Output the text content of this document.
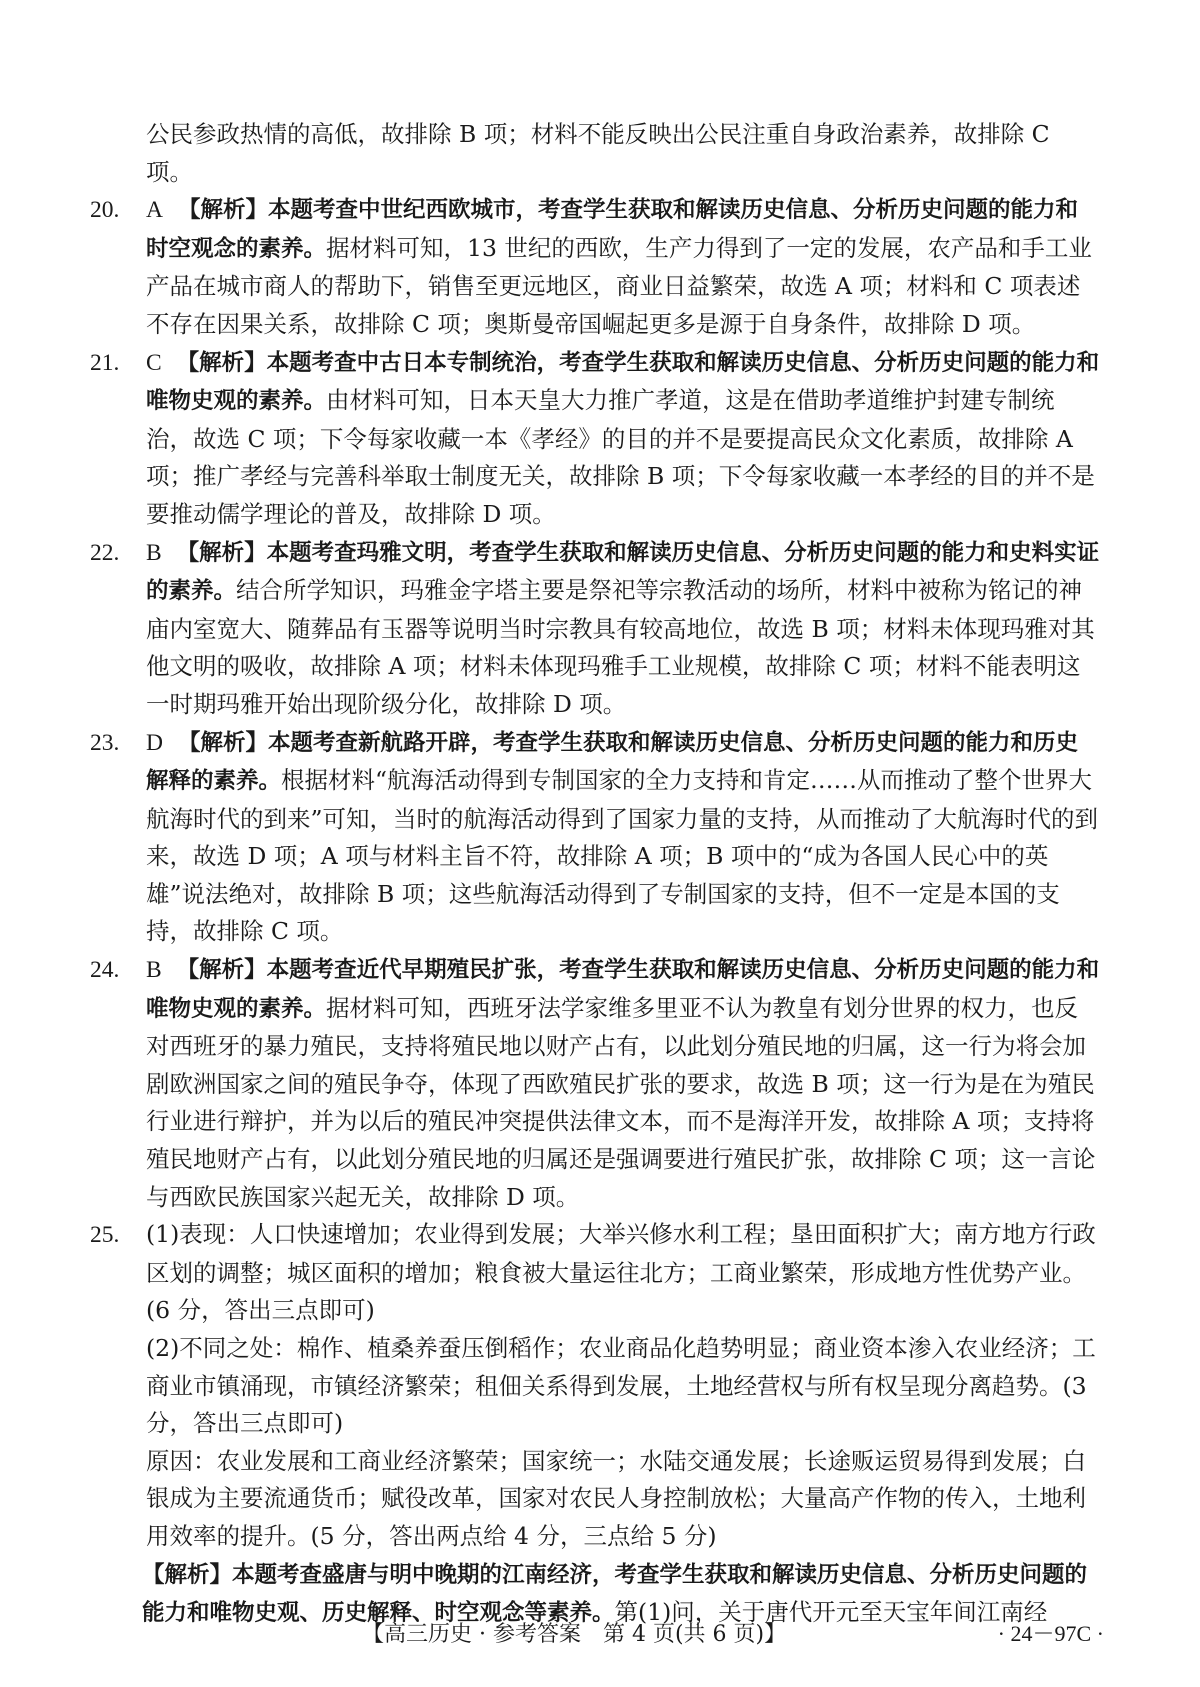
公民参政热情的高低，故排除 B 项；材料不能反映出公民注重自身政治素养，故排除 C 项。

20. A 【解析】本题考查中世纪西欧城市，考查学生获取和解读历史信息、分析历史问题的能力和时空观念的素养。据材料可知，13 世纪的西欧，生产力得到了一定的发展，农产品和手工业产品在城市商人的帮助下，销售至更远地区，商业日益繁荣，故选 A 项；材料和 C 项表述不存在因果关系，故排除 C 项；奥斯曼帝国崛起更多是源于自身条件，故排除 D 项。
21. C 【解析】本题考查中古日本专制统治，考查学生获取和解读历史信息、分析历史问题的能力和唯物史观的素养。由材料可知，日本天皇大力推广孝道，这是在借助孝道维护封建专制统治，故选 C 项；下令每家收藏一本《孝经》的目的并不是要提高民众文化素质，故排除 A 项；推广孝经与完善科举取士制度无关，故排除 B 项；下令每家收藏一本孝经的目的并不是要推动儒学理论的普及，故排除 D 项。
22. B 【解析】本题考查玛雅文明，考查学生获取和解读历史信息、分析历史问题的能力和史料实证的素养。结合所学知识，玛雅金字塔主要是祭祀等宗教活动的场所，材料中被称为铭记的神庙内室宽大、随葬品有玉器等说明当时宗教具有较高地位，故选 B 项；材料未体现玛雅对其他文明的吸收，故排除 A 项；材料未体现玛雅手工业规模，故排除 C 项；材料不能表明这一时期玛雅开始出现阶级分化，故排除 D 项。
23. D 【解析】本题考查新航路开辟，考查学生获取和解读历史信息、分析历史问题的能力和历史解释的素养。根据材料“航海活动得到专制国家的全力支持和肯定……从而推动了整个世界大航海时代的到来”可知，当时的航海活动得到了国家力量的支持，从而推动了大航海时代的到来，故选 D 项；A 项与材料主旨不符，故排除 A 项；B 项中的“成为各国人民心中的英雄”说法绝对，故排除 B 项；这些航海活动得到了专制国家的支持，但不一定是本国的支持，故排除 C 项。
24. B 【解析】本题考查近代早期殖民扩张，考查学生获取和解读历史信息、分析历史问题的能力和唯物史观的素养。据材料可知，西班牙法学家维多里亚不认为教皇有划分世界的权力，也反对西班牙的暴力殖民，支持将殖民地以财产占有，以此划分殖民地的归属，这一行为将会加剧欧洲国家之间的殖民争夺，体现了西欧殖民扩张的要求，故选 B 项；这一行为是在为殖民行业进行辩护，并为以后的殖民冲突提供法律文本，而不是海洋开发，故排除 A 项；支持将殖民地财产占有，以此划分殖民地的归属还是强调要进行殖民扩张，故排除 C 项；这一言论与西欧民族国家兴起无关，故排除 D 项。
25. (1)表现：人口快速增加；农业得到发展；大举兴修水利工程；垦田面积扩大；南方地方行政区划的调整；城区面积的增加；粮食被大量运往北方；工商业繁荣，形成地方性优势产业。(6 分，答出三点即可)

(2)不同之处：棉作、植桑养蚕压倒稻作；农业商品化趋势明显；商业资本渗入农业经济；工商业市镇涌现，市镇经济繁荣；租佃关系得到发展，土地经营权与所有权呈现分离趋势。(3 分，答出三点即可)

原因：农业发展和工商业经济繁荣；国家统一；水陆交通发展；长途贩运贸易得到发展；白银成为主要流通货币；赋役改革，国家对农民人身控制放松；大量高产作物的传入，土地利用效率的提升。(5 分，答出两点给 4 分，三点给 5 分)

【解析】本题考查盛唐与明中晚期的江南经济，考查学生获取和解读历史信息、分析历史问题的能力和唯物史观、历史解释、时空观念等素养。第(1)问，关于唐代开元至天宝年间江南经

【高三历史 · 参考答案　第 4 页(共 6 页)】	· 24－97C ·
